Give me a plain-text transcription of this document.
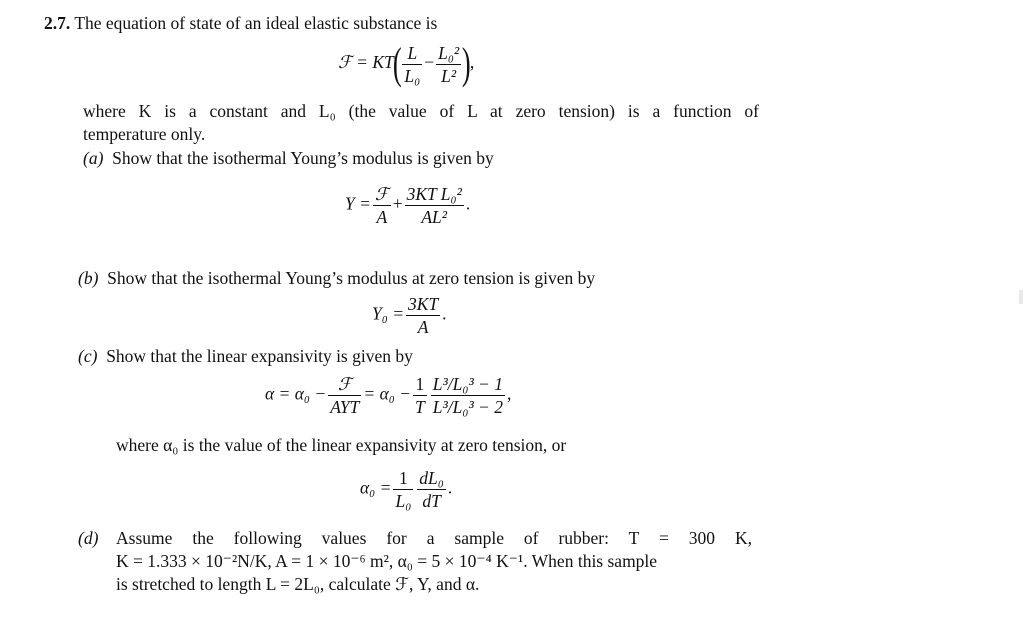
2.7. The equation of state of an ideal elastic substance is
ℱ = $KT( \frac{L}{\text{L₀}} - \frac{\text{L₀²}}{\text{L²}}$ ),
where K is a constant and L₀ (the value of L at zero tension) is a function of
temperature only.
(a) Show that the isothermal Young’s modulus is given by
$Y = \frac{\text{ℱ}}{A} + \frac{\text{3KT L₀²}}{\text{AL²}}$ .
(b) Show that the isothermal Young’s modulus at zero tension is given by
$Y_0 = \frac{3KT}{A}$ .
(c) Show that the linear expansivity is given by
$\alpha = \alpha_0 - \frac{\text{ℱ}}{\text{AYT}} = \alpha_0 - \frac{1}{T} \frac{\text{L³/L₀³ − 1}}{\text{L³/L₀³ − 2}}$ ,
where α₀ is the value of the linear expansivity at zero tension, or
$\alpha_0 = \frac{1}{\text{L₀}} \frac{\text{dL₀}}{dT}$ .
(d) Assume the following values for a sample of rubber: T = 300 K,
K = 1.333 × 10⁻²N/K, A = 1 × 10⁻⁶ m², α₀ = 5 × 10⁻⁴ K⁻¹. When this sample
is stretched to length L = 2L₀, calculate ℱ, Y, and α.
